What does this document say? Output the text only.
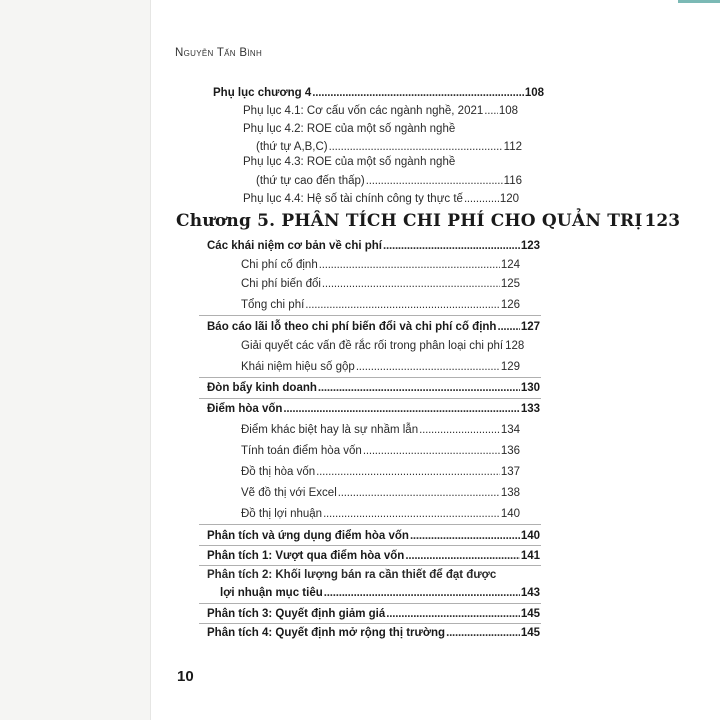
Nguyễn Tấn Bình
Phụ lục chương 4 . . .	108
Phụ lục 4.1: Cơ cấu vốn các ngành nghề, 2021 . . . 108
Phụ lục 4.2: ROE của một số ngành nghề
(thứ tự A,B,C) . . .	112
Phụ lục 4.3: ROE của một số ngành nghề
(thứ tự cao đến thấp) . . .	116
Phụ lục 4.4: Hệ số tài chính công ty thực tế . . .	120
Chương 5. PHÂN TÍCH CHI PHÍ CHO QUẢN TRỊ 123
Các khái niệm cơ bản về chi phí . . .	123
Chi phí cố định . . .	124
Chi phí biến đổi . . .	125
Tổng chi phí . . .	126
Báo cáo lãi lỗ theo chi phí biến đổi và chi phí cố định . . . 127
Giải quyết các vấn đề rắc rối trong phân loại chi phí 128
Khái niệm hiệu số gộp . . .	129
Đòn bẩy kinh doanh . . .	130
Điểm hòa vốn . . .	133
Điểm khác biệt hay là sự nhầm lẫn . . .	134
Tính toán điểm hòa vốn . . .	136
Đồ thị hòa vốn . . .	137
Vẽ đồ thị với Excel . . .	138
Đồ thị lợi nhuận . . .	140
Phân tích và ứng dụng điểm hòa vốn . . .	140
Phân tích 1: Vượt qua điểm hòa vốn . . .	141
Phân tích 2: Khối lượng bán ra cần thiết để đạt được
lợi nhuận mục tiêu . . .	143
Phân tích 3: Quyết định giảm giá . . .	145
Phân tích 4: Quyết định mở rộng thị trường . . .	145
10
